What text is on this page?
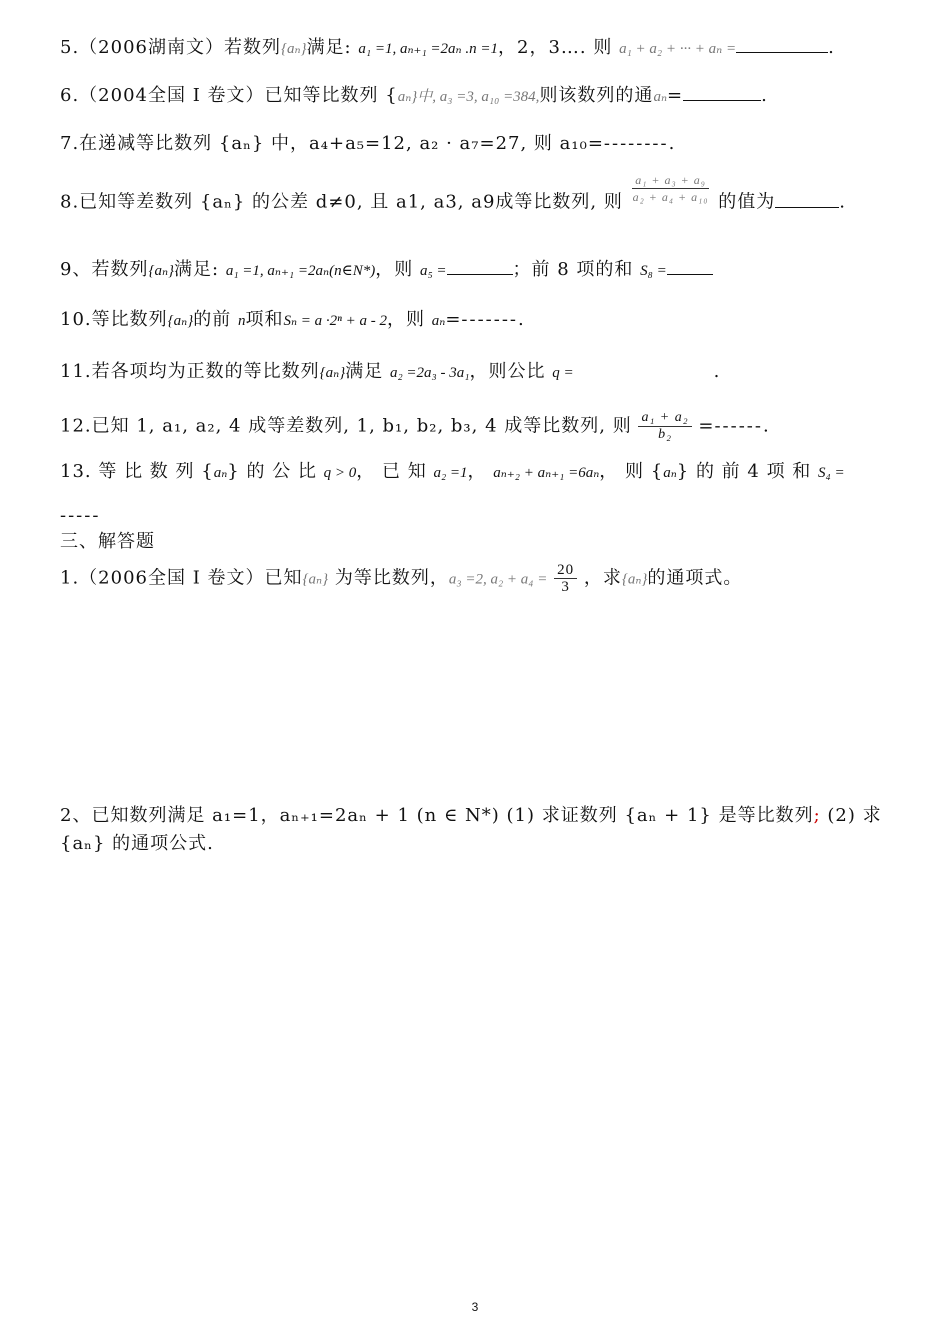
5.（2006湖南文）若数列{aₙ}满足: a₁ =1, aₙ₊₁ =2aₙ .n =1，2，3…. 则 a₁ + a₂ + ··· + aₙ =	.
6.（2004全国 I 卷文）已知等比数列 {aₙ}中, a₃ =3, a₁₀ =384,则该数列的通aₙ=	.
7.在递减等比数列 {aₙ} 中，a₄+a₅=12, a₂ · a₇=27, 则 a₁₀=--------.
8.已知等差数列 {aₙ} 的公差 d≠0, 且 a1, a3, a9成等比数列, 则 $\frac{\text{a₁ + a₃ + a₉}}{\text{a₂ + a₄ + a₁₀}}$ 的值为	.
9、若数列{aₙ}满足: a₁ =1, aₙ₊₁ =2aₙ(n∈N*)，则 a₅ =	；前 8 项的和 S₈ =
10.等比数列{aₙ}的前 n项和Sₙ = a ·2ⁿ + a - 2，则 aₙ=-------.
11.若各项均为正数的等比数列{aₙ}满足 a₂ =2a₃ - 3a₁，则公比 q =	.
12.已知 1, a₁, a₂, 4 成等差数列, 1, b₁, b₂, b₃, 4 成等比数列, 则 $\frac{\text{a₁ + a₂}}{\text{b₂}}$ =------.
13. 等 比 数 列 {aₙ} 的 公 比 q > 0， 已 知 a₂ =1， aₙ₊₂ + aₙ₊₁ =6aₙ， 则 {aₙ} 的 前 4 项 和 S₄ =
-----
三、解答题
1.（2006全国 I 卷文）已知{aₙ} 为等比数列，a₃ =2, $a_2 + a_4 = \frac{20}{3}$ ，求{aₙ}的通项式。
2、已知数列满足 a₁=1，aₙ₊₁=2aₙ + 1 (n ∈ N*) (1) 求证数列 {aₙ + 1} 是等比数列; (2) 求
{aₙ} 的通项公式.
3
